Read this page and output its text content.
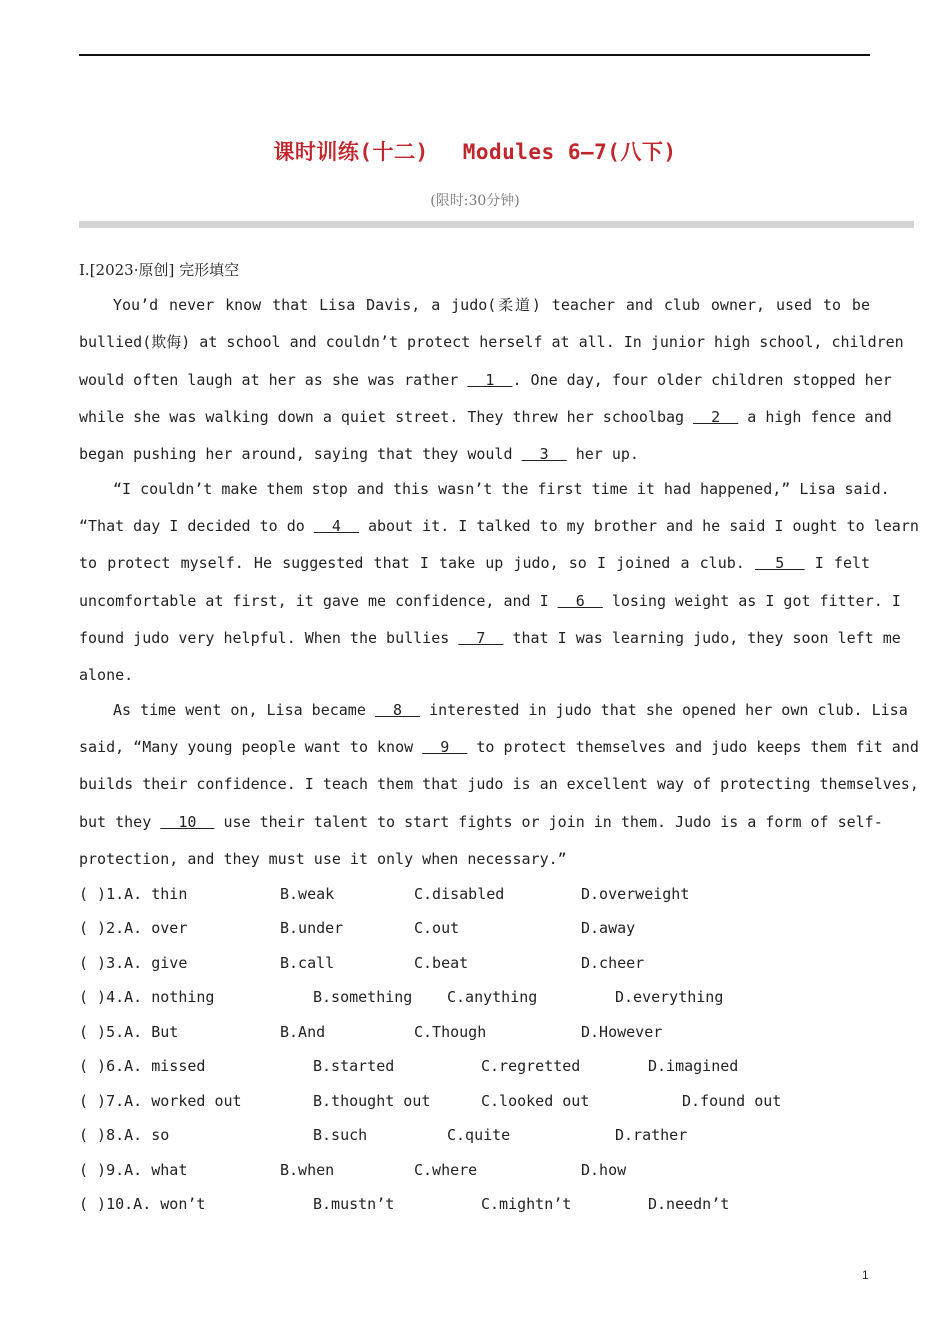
课时训练(十二) Modules 6—7(八下)
(限时:30分钟)
Ⅰ.[2023·原创] 完形填空
You’d never know that Lisa Davis, a judo(柔道) teacher and club owner, used to be
bullied(欺侮) at school and couldn’t protect herself at all. In junior high school, children
would often laugh at her as she was rather   1  . One day, four older children stopped her
while she was walking down a quiet street. They threw her schoolbag   2   a high fence and
began pushing her around, saying that they would   3   her up.
“I couldn’t make them stop and this wasn’t the first time it had happened,” Lisa said.
“That day I decided to do   4   about it. I talked to my brother and he said I ought to learn
to protect myself. He suggested that I take up judo, so I joined a club.   5   I felt
uncomfortable at first, it gave me confidence, and I   6   losing weight as I got fitter. I
found judo very helpful. When the bullies   7   that I was learning judo, they soon left me
alone.
As time went on, Lisa became   8   interested in judo that she opened her own club. Lisa
said, “Many young people want to know   9   to protect themselves and judo keeps them fit and
builds their confidence. I teach them that judo is an excellent way of protecting themselves,
but they   10   use their talent to start fights or join in them. Judo is a form of self-
protection, and they must use it only when necessary.”
( )1.A. thin	B.weak	C.disabled	D.overweight
( )2.A. over	B.under	C.out	D.away
( )3.A. give	B.call	C.beat	D.cheer
( )4.A. nothing	B.something C.anything	D.everything
( )5.A. But	B.And	C.Though	D.However
( )6.A. missed	B.started	C.regretted	D.imagined
( )7.A. worked out	B.thought out	C.looked out	D.found out
( )8.A. so	B.such	C.quite	D.rather
( )9.A. what	B.when	C.where	D.how
( )10.A. won’t	B.mustn’t	C.mightn’t	D.needn’t
1
